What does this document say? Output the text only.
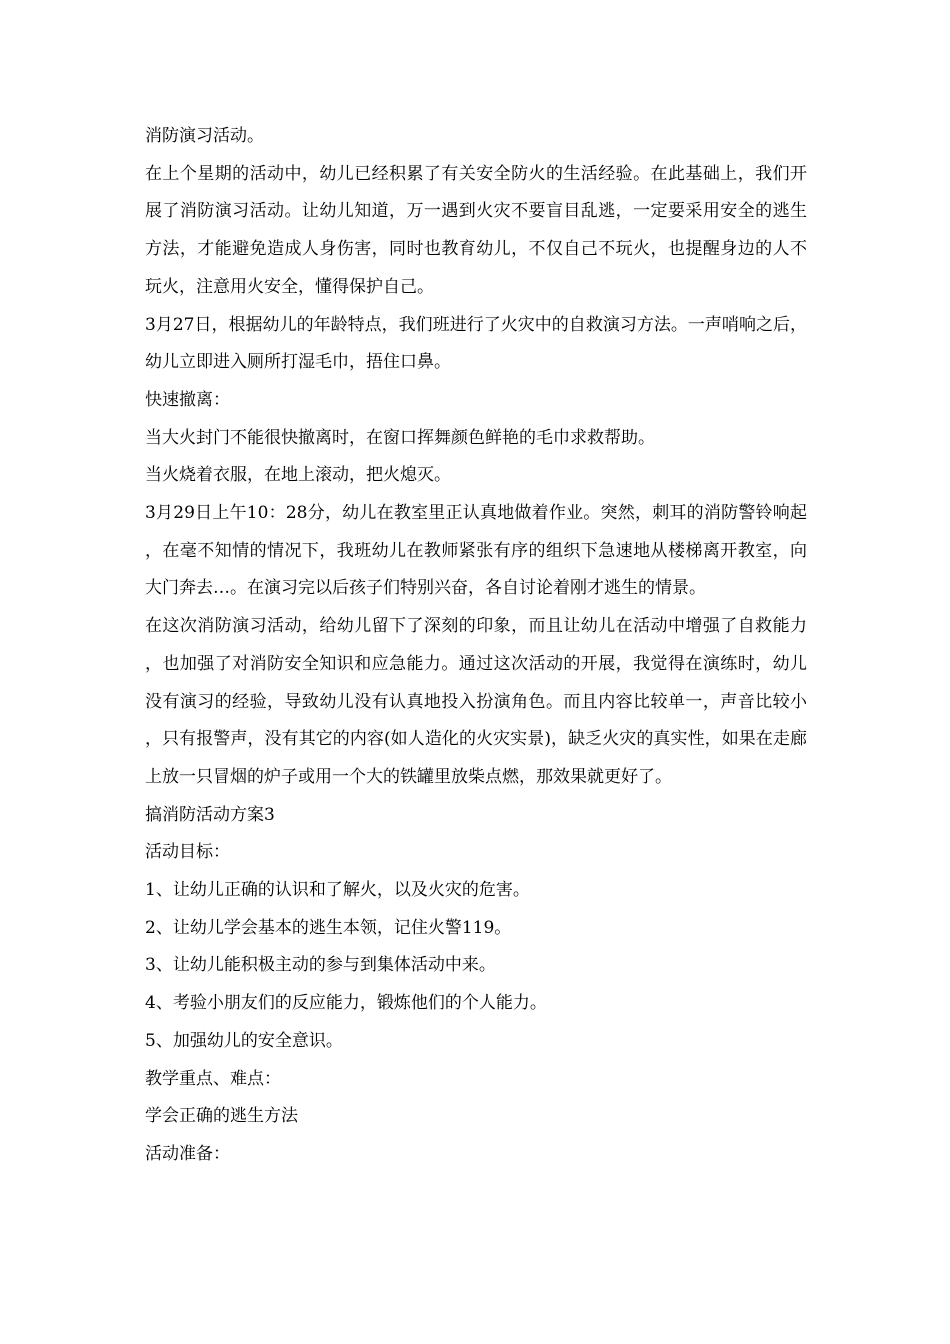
消防演习活动。

在上个星期的活动中，幼儿已经积累了有关安全防火的生活经验。在此基础上，我们开展了消防演习活动。让幼儿知道，万一遇到火灾不要盲目乱逃，一定要采用安全的逃生方法，才能避免造成人身伤害，同时也教育幼儿，不仅自己不玩火，也提醒身边的人不玩火，注意用火安全，懂得保护自己。

3月27日，根据幼儿的年龄特点，我们班进行了火灾中的自救演习方法。一声哨响之后，幼儿立即进入厕所打湿毛巾，捂住口鼻。

快速撤离：

当大火封门不能很快撤离时，在窗口挥舞颜色鲜艳的毛巾求救帮助。

当火烧着衣服，在地上滚动，把火熄灭。

3月29日上午10：28分，幼儿在教室里正认真地做着作业。突然，刺耳的消防警铃响起，在毫不知情的情况下，我班幼儿在教师紧张有序的组织下急速地从楼梯离开教室，向大门奔去…。在演习完以后孩子们特别兴奋，各自讨论着刚才逃生的情景。

在这次消防演习活动，给幼儿留下了深刻的印象，而且让幼儿在活动中增强了自救能力，也加强了对消防安全知识和应急能力。通过这次活动的开展，我觉得在演练时，幼儿没有演习的经验，导致幼儿没有认真地投入扮演角色。而且内容比较单一，声音比较小，只有报警声，没有其它的内容(如人造化的火灾实景)，缺乏火灾的真实性，如果在走廊上放一只冒烟的炉子或用一个大的铁罐里放柴点燃，那效果就更好了。

搞消防活动方案3

活动目标：

1、让幼儿正确的认识和了解火，以及火灾的危害。

2、让幼儿学会基本的逃生本领，记住火警119。

3、让幼儿能积极主动的参与到集体活动中来。

4、考验小朋友们的反应能力，锻炼他们的个人能力。

5、加强幼儿的安全意识。

教学重点、难点：

学会正确的逃生方法

活动准备：
